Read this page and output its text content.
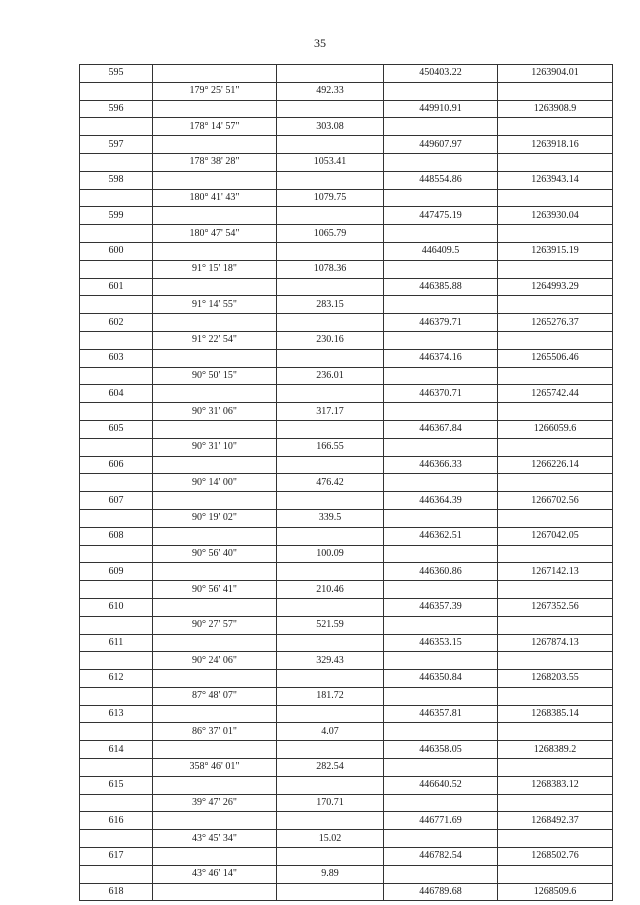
35
595			450403.22	1263904.01
	179° 25' 51"	492.33		
596			449910.91	1263908.9
	178° 14' 57"	303.08		
597			449607.97	1263918.16
	178° 38' 28"	1053.41		
598			448554.86	1263943.14
	180° 41' 43"	1079.75		
599			447475.19	1263930.04
	180° 47' 54"	1065.79		
600			446409.5	1263915.19
	91° 15' 18"	1078.36		
601			446385.88	1264993.29
	91° 14' 55"	283.15		
602			446379.71	1265276.37
	91° 22' 54"	230.16		
603			446374.16	1265506.46
	90° 50' 15"	236.01		
604			446370.71	1265742.44
	90° 31' 06"	317.17		
605			446367.84	1266059.6
	90° 31' 10"	166.55		
606			446366.33	1266226.14
	90° 14' 00"	476.42		
607			446364.39	1266702.56
	90° 19' 02"	339.5		
608			446362.51	1267042.05
	90° 56' 40"	100.09		
609			446360.86	1267142.13
	90° 56' 41"	210.46		
610			446357.39	1267352.56
	90° 27' 57"	521.59		
611			446353.15	1267874.13
	90° 24' 06"	329.43		
612			446350.84	1268203.55
	87° 48' 07"	181.72		
613			446357.81	1268385.14
	86° 37' 01"	4.07		
614			446358.05	1268389.2
	358° 46' 01"	282.54		
615			446640.52	1268383.12
	39° 47' 26"	170.71		
616			446771.69	1268492.37
	43° 45' 34"	15.02		
617			446782.54	1268502.76
	43° 46' 14"	9.89		
618			446789.68	1268509.6
